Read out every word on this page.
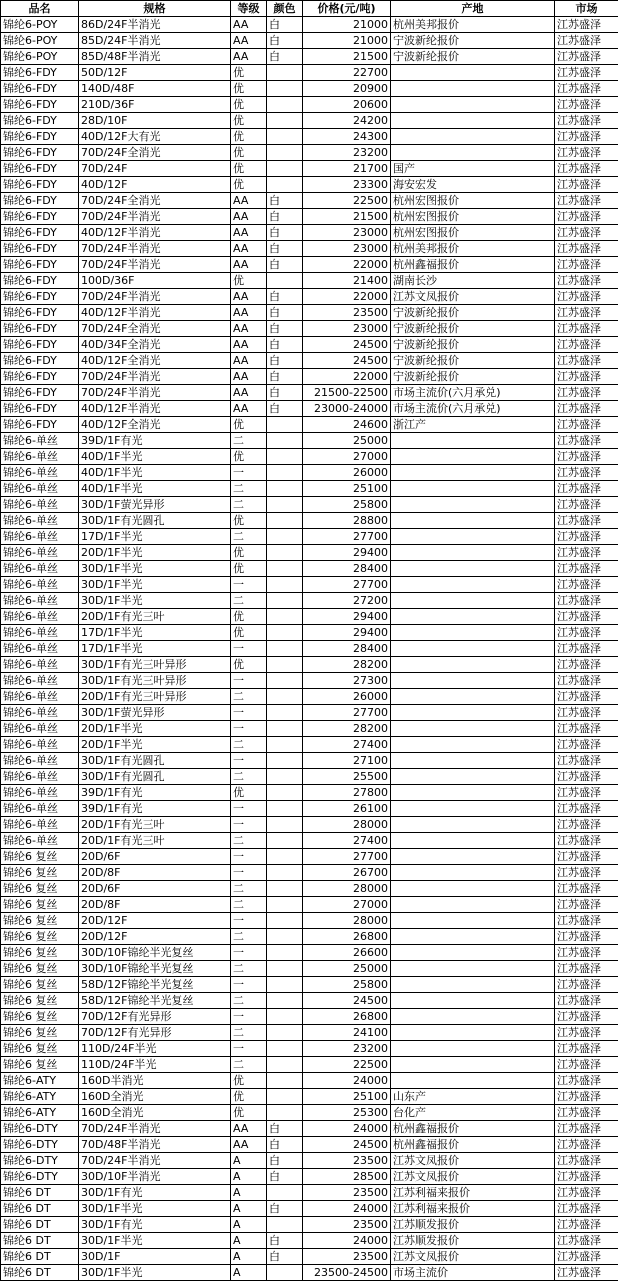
品名	规格	等级	颜色	价格(元/吨)	产地	市场
锦纶6-POY	86D/24F半消光	AA	白	21000	杭州美邦报价	江苏盛泽
锦纶6-POY	85D/24F半消光	AA	白	21000	宁波新纶报价	江苏盛泽
锦纶6-POY	85D/48F半消光	AA	白	21500	宁波新纶报价	江苏盛泽
锦纶6-FDY	50D/12F	优		22700		江苏盛泽
锦纶6-FDY	140D/48F	优		20900		江苏盛泽
锦纶6-FDY	210D/36F	优		20600		江苏盛泽
锦纶6-FDY	28D/10F	优		24200		江苏盛泽
锦纶6-FDY	40D/12F大有光	优		24300		江苏盛泽
锦纶6-FDY	70D/24F全消光	优		23200		江苏盛泽
锦纶6-FDY	70D/24F	优		21700	国产	江苏盛泽
锦纶6-FDY	40D/12F	优		23300	海安宏发	江苏盛泽
锦纶6-FDY	70D/24F全消光	AA	白	22500	杭州宏图报价	江苏盛泽
锦纶6-FDY	70D/24F半消光	AA	白	21500	杭州宏图报价	江苏盛泽
锦纶6-FDY	40D/12F半消光	AA	白	23000	杭州宏图报价	江苏盛泽
锦纶6-FDY	70D/24F半消光	AA	白	23000	杭州美邦报价	江苏盛泽
锦纶6-FDY	70D/24F半消光	AA	白	22000	杭州鑫福报价	江苏盛泽
锦纶6-FDY	100D/36F	优		21400	湖南长沙	江苏盛泽
锦纶6-FDY	70D/24F半消光	AA	白	22000	江苏文凤报价	江苏盛泽
锦纶6-FDY	40D/12F半消光	AA	白	23500	宁波新纶报价	江苏盛泽
锦纶6-FDY	70D/24F全消光	AA	白	23000	宁波新纶报价	江苏盛泽
锦纶6-FDY	40D/34F全消光	AA	白	24500	宁波新纶报价	江苏盛泽
锦纶6-FDY	40D/12F全消光	AA	白	24500	宁波新纶报价	江苏盛泽
锦纶6-FDY	70D/24F半消光	AA	白	22000	宁波新纶报价	江苏盛泽
锦纶6-FDY	70D/24F半消光	AA	白	21500-22500	市场主流价(六月承兑)	江苏盛泽
锦纶6-FDY	40D/12F半消光	AA	白	23000-24000	市场主流价(六月承兑)	江苏盛泽
锦纶6-FDY	40D/12F全消光	优		24600	浙江产	江苏盛泽
锦纶6-单丝	39D/1F有光	二		25000		江苏盛泽
锦纶6-单丝	40D/1F半光	优		27000		江苏盛泽
锦纶6-单丝	40D/1F半光	一		26000		江苏盛泽
锦纶6-单丝	40D/1F半光	二		25100		江苏盛泽
锦纶6-单丝	30D/1F萤光异形	二		25800		江苏盛泽
锦纶6-单丝	30D/1F有光圆孔	优		28800		江苏盛泽
锦纶6-单丝	17D/1F半光	二		27700		江苏盛泽
锦纶6-单丝	20D/1F半光	优		29400		江苏盛泽
锦纶6-单丝	30D/1F半光	优		28400		江苏盛泽
锦纶6-单丝	30D/1F半光	一		27700		江苏盛泽
锦纶6-单丝	30D/1F半光	二		27200		江苏盛泽
锦纶6-单丝	20D/1F有光三叶	优		29400		江苏盛泽
锦纶6-单丝	17D/1F半光	优		29400		江苏盛泽
锦纶6-单丝	17D/1F半光	一		28400		江苏盛泽
锦纶6-单丝	30D/1F有光三叶异形	优		28200		江苏盛泽
锦纶6-单丝	30D/1F有光三叶异形	一		27300		江苏盛泽
锦纶6-单丝	20D/1F有光三叶异形	二		26000		江苏盛泽
锦纶6-单丝	30D/1F萤光异形	一		27700		江苏盛泽
锦纶6-单丝	20D/1F半光	一		28200		江苏盛泽
锦纶6-单丝	20D/1F半光	二		27400		江苏盛泽
锦纶6-单丝	30D/1F有光圆孔	一		27100		江苏盛泽
锦纶6-单丝	30D/1F有光圆孔	二		25500		江苏盛泽
锦纶6-单丝	39D/1F有光	优		27800		江苏盛泽
锦纶6-单丝	39D/1F有光	一		26100		江苏盛泽
锦纶6-单丝	20D/1F有光三叶	一		28000		江苏盛泽
锦纶6-单丝	20D/1F有光三叶	二		27400		江苏盛泽
锦纶6 复丝	20D/6F	一		27700		江苏盛泽
锦纶6 复丝	20D/8F	一		26700		江苏盛泽
锦纶6 复丝	20D/6F	二		28000		江苏盛泽
锦纶6 复丝	20D/8F	二		27000		江苏盛泽
锦纶6 复丝	20D/12F	一		28000		江苏盛泽
锦纶6 复丝	20D/12F	二		26800		江苏盛泽
锦纶6 复丝	30D/10F锦纶半光复丝	一		26600		江苏盛泽
锦纶6 复丝	30D/10F锦纶半光复丝	二		25000		江苏盛泽
锦纶6 复丝	58D/12F锦纶半光复丝	一		25800		江苏盛泽
锦纶6 复丝	58D/12F锦纶半光复丝	二		24500		江苏盛泽
锦纶6 复丝	70D/12F有光异形	一		26800		江苏盛泽
锦纶6 复丝	70D/12F有光异形	二		24100		江苏盛泽
锦纶6 复丝	110D/24F半光	一		23200		江苏盛泽
锦纶6 复丝	110D/24F半光	二		22500		江苏盛泽
锦纶6-ATY	160D半消光	优		24000		江苏盛泽
锦纶6-ATY	160D全消光	优		25100	山东产	江苏盛泽
锦纶6-ATY	160D全消光	优		25300	台化产	江苏盛泽
锦纶6-DTY	70D/24F半消光	AA	白	24000	杭州鑫福报价	江苏盛泽
锦纶6-DTY	70D/48F半消光	AA	白	24500	杭州鑫福报价	江苏盛泽
锦纶6-DTY	70D/24F半消光	A	白	23500	江苏文凤报价	江苏盛泽
锦纶6-DTY	30D/10F半消光	A	白	28500	江苏文凤报价	江苏盛泽
锦纶6 DT	30D/1F有光	A		23500	江苏利福来报价	江苏盛泽
锦纶6 DT	30D/1F半光	A	白	24000	江苏利福来报价	江苏盛泽
锦纶6 DT	30D/1F有光	A		23500	江苏顺发报价	江苏盛泽
锦纶6 DT	30D/1F半光	A	白	24000	江苏顺发报价	江苏盛泽
锦纶6 DT	30D/1F	A	白	23500	江苏文凤报价	江苏盛泽
锦纶6 DT	30D/1F半光	A		23500-24500	市场主流价	江苏盛泽
